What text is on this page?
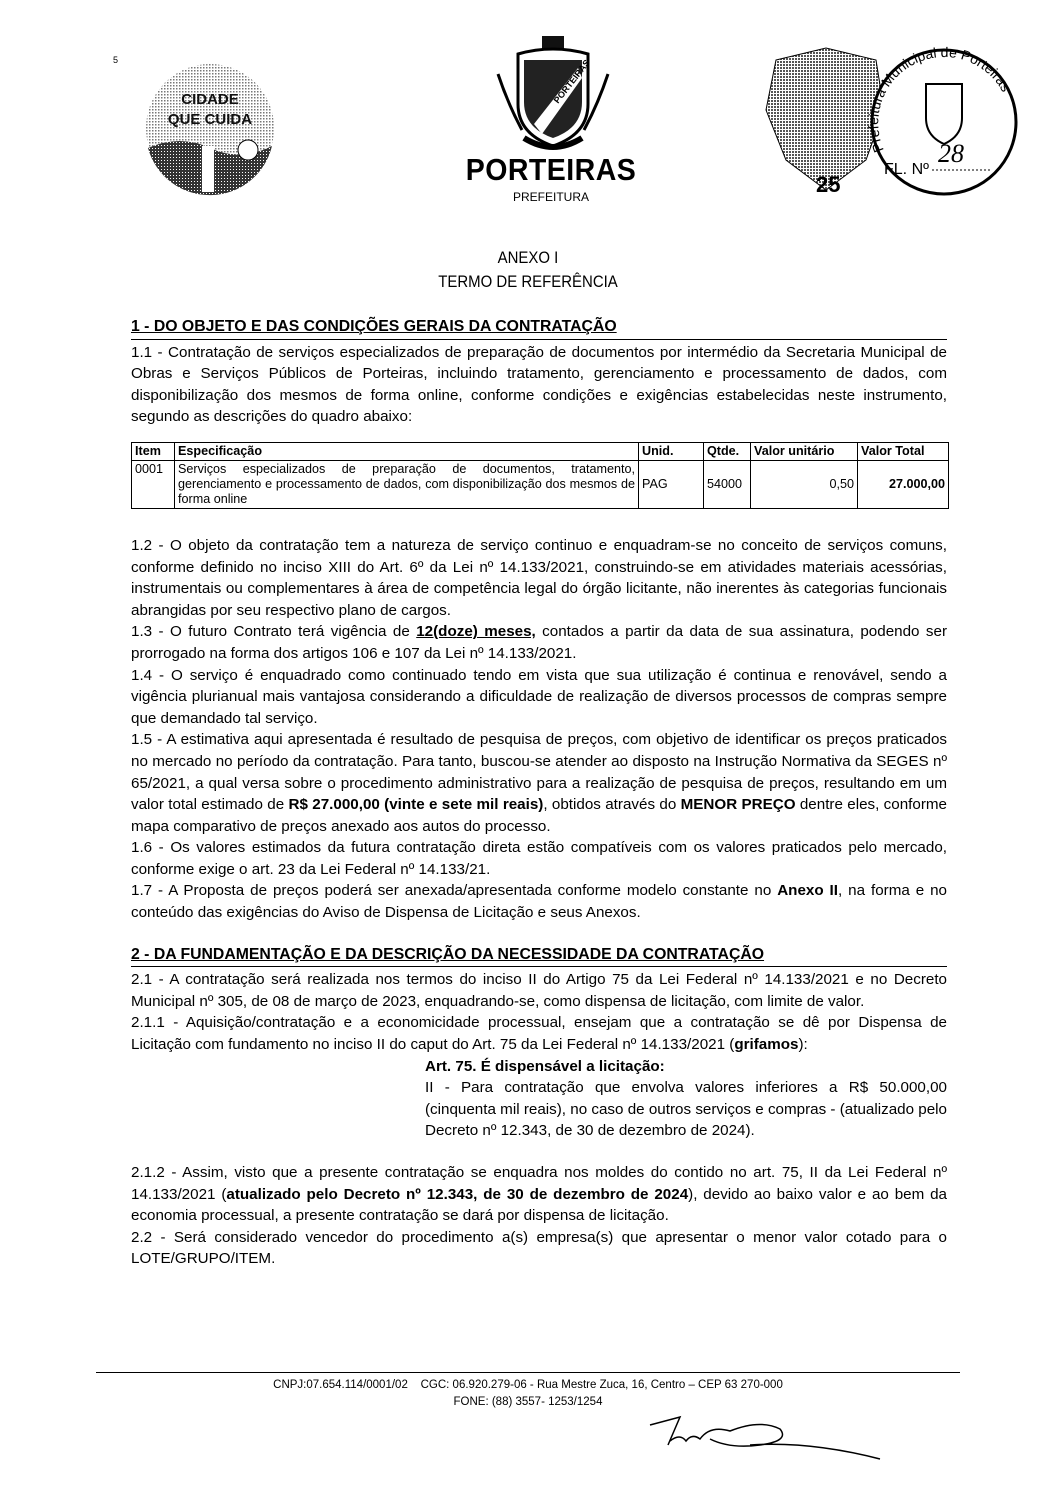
5
CIDADE
QUE CUIDA
PORTEIRAS
PORTEIRAS
PREFEITURA	25
Prefeitura Municipal de Porteiras
FL. Nº
28
ANEXO I
TERMO DE REFERÊNCIA
1 - DO OBJETO E DAS CONDIÇÕES GERAIS DA CONTRATAÇÃO

1.1 - Contratação de serviços especializados de preparação de documentos por intermédio da Secretaria Municipal de Obras e Serviços Públicos de Porteiras, incluindo tratamento, gerenciamento e processamento de dados, com disponibilização dos mesmos de forma online, conforme condições e exigências estabelecidas neste instrumento, segundo as descrições do quadro abaixo:

Item	Especificação	Unid.	Qtde.	Valor unitário	Valor Total
0001	Serviços especializados de preparação de documentos, tratamento, gerenciamento e processamento de dados, com disponibilização dos mesmos de forma online	PAG	54000	0,50	27.000,00

1.2 - O objeto da contratação tem a natureza de serviço continuo e enquadram-se no conceito de serviços comuns, conforme definido no inciso XIII do Art. 6º da Lei nº 14.133/2021, construindo-se em atividades materiais acessórias, instrumentais ou complementares à área de competência legal do órgão licitante, não inerentes às categorias funcionais abrangidas por seu respectivo plano de cargos.

1.3 - O futuro Contrato terá vigência de 12(doze) meses, contados a partir da data de sua assinatura, podendo ser prorrogado na forma dos artigos 106 e 107 da Lei nº 14.133/2021.

1.4 - O serviço é enquadrado como continuado tendo em vista que sua utilização é continua e renovável, sendo a vigência plurianual mais vantajosa considerando a dificuldade de realização de diversos processos de compras sempre que demandado tal serviço.

1.5 - A estimativa aqui apresentada é resultado de pesquisa de preços, com objetivo de identificar os preços praticados no mercado no período da contratação. Para tanto, buscou-se atender ao disposto na Instrução Normativa da SEGES nº 65/2021, a qual versa sobre o procedimento administrativo para a realização de pesquisa de preços, resultando em um valor total estimado de R$ 27.000,00 (vinte e sete mil reais), obtidos através do MENOR PREÇO dentre eles, conforme mapa comparativo de preços anexado aos autos do processo.

1.6 - Os valores estimados da futura contratação direta estão compatíveis com os valores praticados pelo mercado, conforme exige o art. 23 da Lei Federal nº 14.133/21.

1.7 - A Proposta de preços poderá ser anexada/apresentada conforme modelo constante no Anexo II, na forma e no conteúdo das exigências do Aviso de Dispensa de Licitação e seus Anexos.

2 - DA FUNDAMENTAÇÃO E DA DESCRIÇÃO DA NECESSIDADE DA CONTRATAÇÃO

2.1 - A contratação será realizada nos termos do inciso II do Artigo 75 da Lei Federal nº 14.133/2021 e no Decreto Municipal nº 305, de 08 de março de 2023, enquadrando-se, como dispensa de licitação, com limite de valor.

2.1.1 - Aquisição/contratação e a economicidade processual, ensejam que a contratação se dê por Dispensa de Licitação com fundamento no inciso II do caput do Art. 75 da Lei Federal nº 14.133/2021 (grifamos):

Art. 75. É dispensável a licitação:

II - Para contratação que envolva valores inferiores a R$ 50.000,00 (cinquenta mil reais), no caso de outros serviços e compras - (atualizado pelo Decreto nº 12.343, de 30 de dezembro de 2024).

2.1.2 - Assim, visto que a presente contratação se enquadra nos moldes do contido no art. 75, II da Lei Federal nº 14.133/2021 (atualizado pelo Decreto nº 12.343, de 30 de dezembro de 2024), devido ao baixo valor e ao bem da economia processual, a presente contratação se dará por dispensa de licitação.

2.2 - Será considerado vencedor do procedimento a(s) empresa(s) que apresentar o menor valor cotado para o LOTE/GRUPO/ITEM.

CNPJ:07.654.114/0001/02    CGC: 06.920.279-06 - Rua Mestre Zuca, 16, Centro – CEP 63 270-000
FONE: (88) 3557- 1253/1254
